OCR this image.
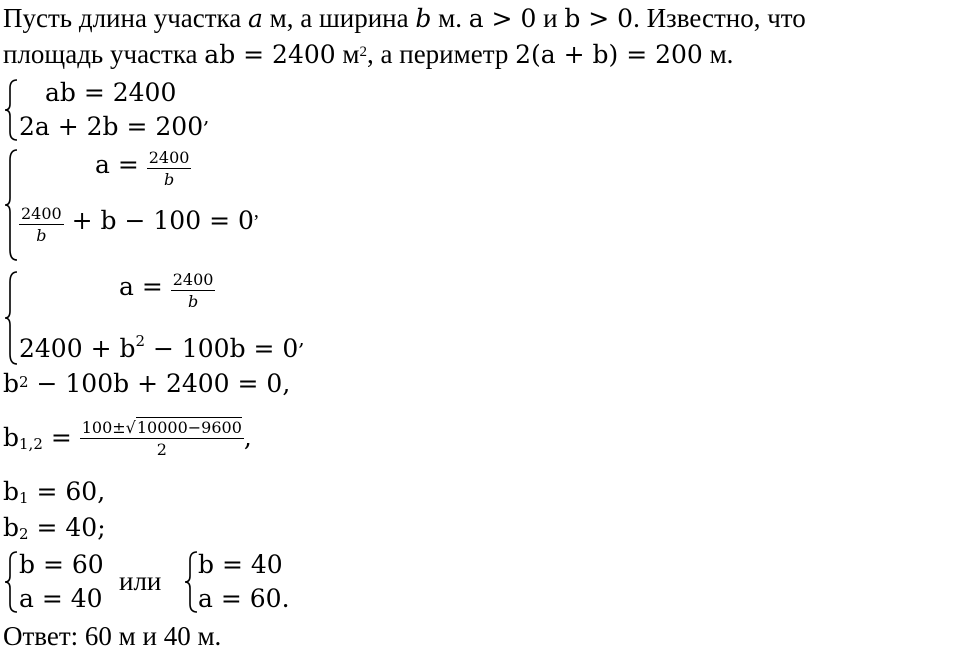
Пусть длина участка a м, а ширина b м. a > 0 и b > 0. Известно, что
площадь участка ab = 2400 $м^2$, а периметр 2(a + b) = 200 м.
ab = 2400
2a + 2b = 200,
$a = \frac{2400}{b}$
$\frac{2400}{b} + b - 100 = 0$,
$a = \frac{2400}{b}$
$2400 + b^2 - 100b = 0^,$
$b^2 - 100b + 2400 = 0$,
$b_{1,2} = \frac{100\pm√10000-9600}{2}$ ,
$b_1 = 60$,
$b_2 = 40$;
b = 60
a = 40
или
b = 40
a = 60.
Ответ: 60 м и 40 м.
